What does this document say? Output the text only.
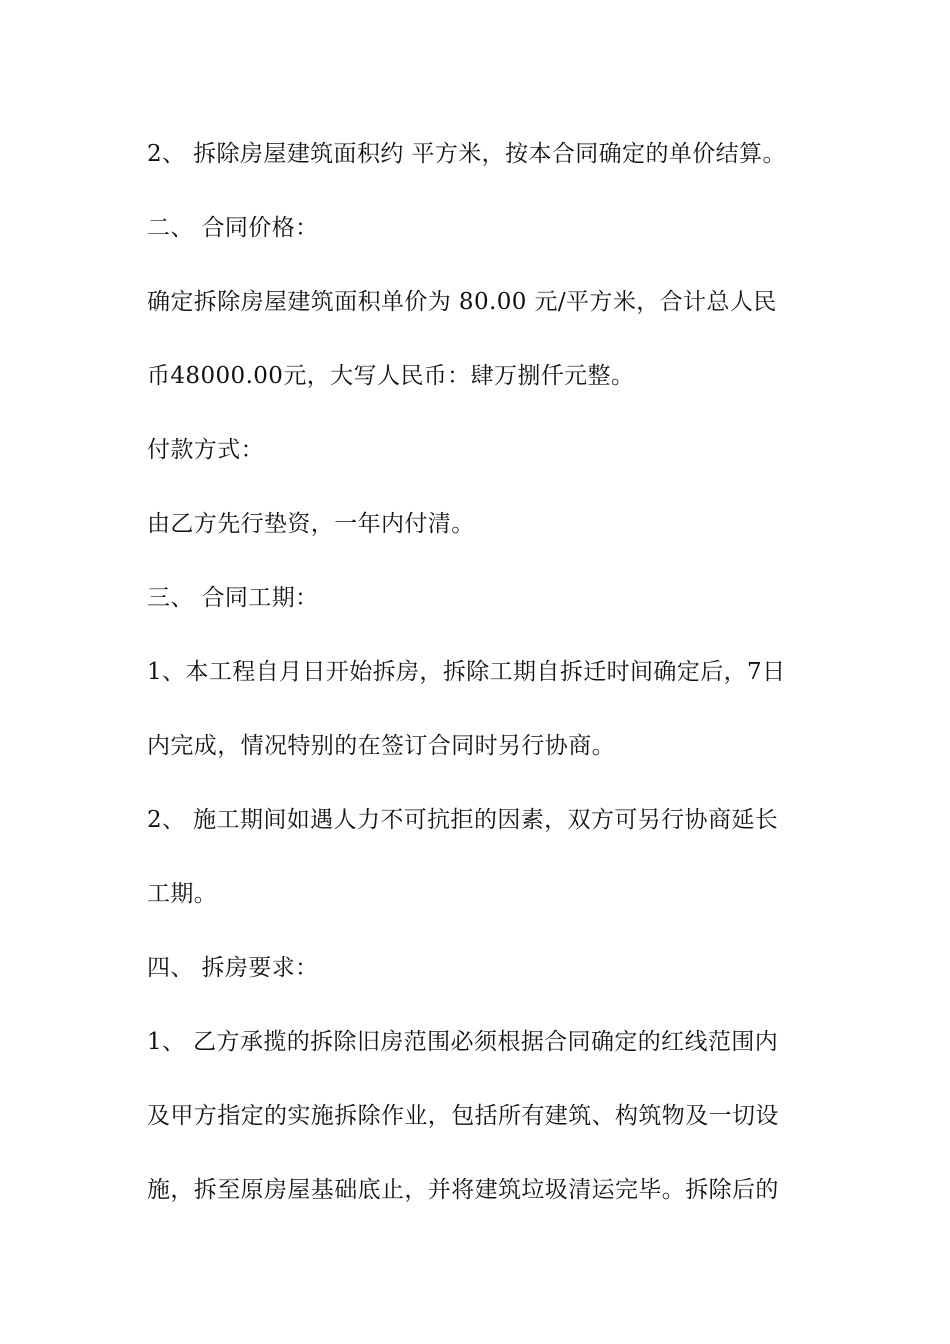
2、 拆除房屋建筑面积约 平方米，按本合同确定的单价结算。
二、 合同价格：
确定拆除房屋建筑面积单价为 80.00 元/平方米，合计总人民
币48000.00元，大写人民币：肆万捌仟元整。
付款方式：
由乙方先行垫资，一年内付清。
三、 合同工期：
1、本工程自月日开始拆房，拆除工期自拆迁时间确定后，7日
内完成，情况特别的在签订合同时另行协商。
2、 施工期间如遇人力不可抗拒的因素，双方可另行协商延长
工期。
四、 拆房要求：
1、 乙方承揽的拆除旧房范围必须根据合同确定的红线范围内
及甲方指定的实施拆除作业，包括所有建筑、构筑物及一切设
施，拆至原房屋基础底止，并将建筑垃圾清运完毕。拆除后的
